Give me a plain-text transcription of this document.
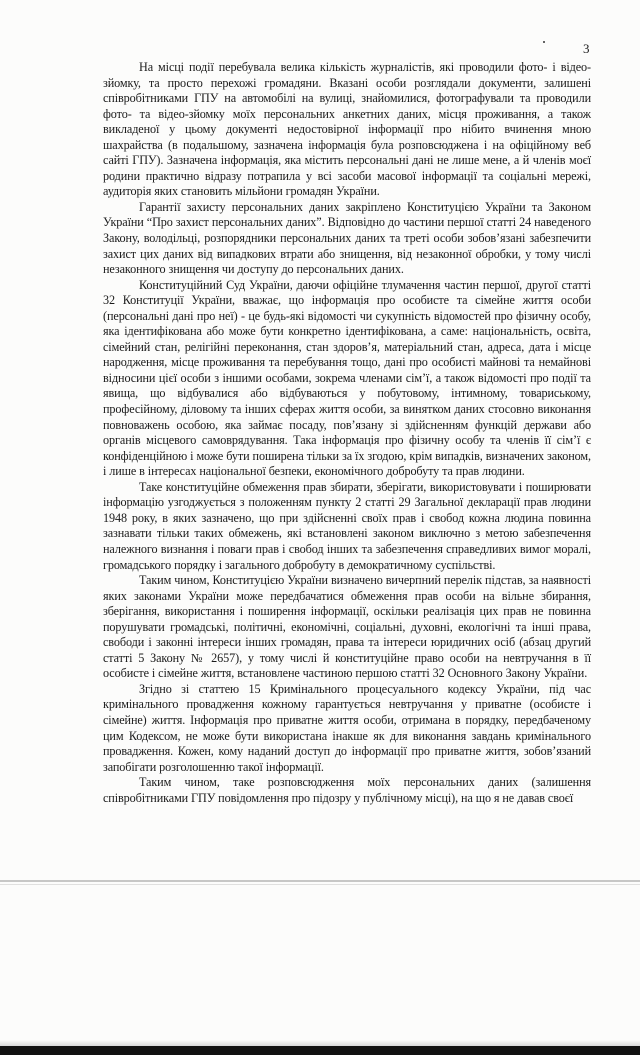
3

На місці події перебувала велика кількість журналістів, які проводили фото- і відео-зйомку, та просто перехожі громадяни. Вказані особи розглядали документи, залишені співробітниками ГПУ на автомобілі на вулиці, знайомилися, фотографували та проводили фото- та відео-зйомку моїх персональних анкетних даних, місця проживання, а також викладеної у цьому документі недостовірної інформації про нібито вчинення мною шахрайства (в подальшому, зазначена інформація була розповсюджена і на офіційному веб сайті ГПУ). Зазначена інформація, яка містить персональні дані не лише мене, а й членів моєї родини практично відразу потрапила у всі засоби масової інформації та соціальні мережі, аудиторія яких становить мільйони громадян України.

Гарантії захисту персональних даних закріплено Конституцією України та Законом України “Про захист персональних даних”. Відповідно до частини першої статті 24 наведеного Закону, володільці, розпорядники персональних даних та треті особи зобов’язані забезпечити захист цих даних від випадкових втрати або знищення, від незаконної обробки, у тому числі незаконного знищення чи доступу до персональних даних.

Конституційний Суд України, даючи офіційне тлумачення частин першої, другої статті 32 Конституції України, вважає, що інформація про особисте та сімейне життя особи (персональні дані про неї) - це будь-які відомості чи сукупність відомостей про фізичну особу, яка ідентифікована або може бути конкретно ідентифікована, а саме: національність, освіта, сімейний стан, релігійні переконання, стан здоров’я, матеріальний стан, адреса, дата і місце народження, місце проживання та перебування тощо, дані про особисті майнові та немайнові відносини цієї особи з іншими особами, зокрема членами сім’ї, а також відомості про події та явища, що відбувалися або відбуваються у побутовому, інтимному, товариському, професійному, діловому та інших сферах життя особи, за винятком даних стосовно виконання повноважень особою, яка займає посаду, пов’язану зі здійсненням функцій держави або органів місцевого самоврядування. Така інформація про фізичну особу та членів її сім’ї є конфіденційною і може бути поширена тільки за їх згодою, крім випадків, визначених законом, і лише в інтересах національної безпеки, економічного добробуту та прав людини.

Таке конституційне обмеження прав збирати, зберігати, використовувати і поширювати інформацію узгоджується з положенням пункту 2 статті 29 Загальної декларації прав людини 1948 року, в яких зазначено, що при здійсненні своїх прав і свобод кожна людина повинна зазнавати тільки таких обмежень, які встановлені законом виключно з метою забезпечення належного визнання і поваги прав і свобод інших та забезпечення справедливих вимог моралі, громадського порядку і загального добробуту в демократичному суспільстві.

Таким чином, Конституцією України визначено вичерпний перелік підстав, за наявності яких законами України може передбачатися обмеження прав особи на вільне збирання, зберігання, використання і поширення інформації, оскільки реалізація цих прав не повинна порушувати громадські, політичні, економічні, соціальні, духовні, екологічні та інші права, свободи і законні інтереси інших громадян, права та інтереси юридичних осіб (абзац другий статті 5 Закону № 2657), у тому числі й конституційне право особи на невтручання в її особисте і сімейне життя, встановлене частиною першою статті 32 Основного Закону України.

Згідно зі статтею 15 Кримінального процесуального кодексу України, під час кримінального провадження кожному гарантується невтручання у приватне (особисте і сімейне) життя. Інформація про приватне життя особи, отримана в порядку, передбаченому цим Кодексом, не може бути використана інакше як для виконання завдань кримінального провадження. Кожен, кому наданий доступ до інформації про приватне життя, зобов’язаний запобігати розголошенню такої інформації.

Таким чином, таке розповсюдження моїх персональних даних (залишення співробітниками ГПУ повідомлення про підозру у публічному місці), на що я не давав своєї
